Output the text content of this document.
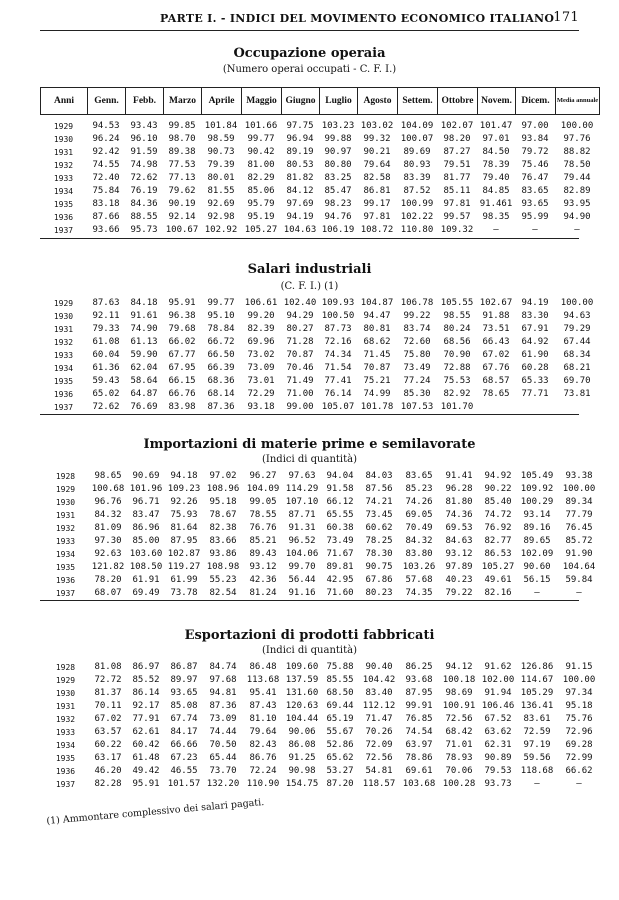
PARTE I. - INDICI DEL MOVIMENTO ECONOMICO ITALIANO 171
Occupazione operaia
(Numero operai occupati - C. F. I.)
Anni	Genn.	Febb.	Marzo	Aprile	Maggio	Giugno	Luglio	Agosto	Settem.	Ottobre	Novem.	Dicem.	Media annuale
1929	94.53	93.43	99.85	101.84	101.66	97.75	103.23	103.02	104.09	102.07	101.47	97.00	100.00
1930	96.24	96.10	98.70	98.59	99.77	96.94	99.88	99.32	100.07	98.20	97.01	93.84	97.76
1931	92.42	91.59	89.38	90.73	90.42	89.19	90.97	90.21	89.69	87.27	84.50	79.72	88.82
1932	74.55	74.98	77.53	79.39	81.00	80.53	80.80	79.64	80.93	79.51	78.39	75.46	78.50
1933	72.40	72.62	77.13	80.01	82.29	81.82	83.25	82.58	83.39	81.77	79.40	76.47	79.44
1934	75.84	76.19	79.62	81.55	85.06	84.12	85.47	86.81	87.52	85.11	84.85	83.65	82.89
1935	83.18	84.36	90.19	92.69	95.79	97.69	98.23	99.17	100.99	97.81	91.461	93.65	93.95
1936	87.66	88.55	92.14	92.98	95.19	94.19	94.76	97.81	102.22	99.57	98.35	95.99	94.90
1937	93.66	95.73	100.67	102.92	105.27	104.63	106.19	108.72	110.80	109.32	—	—	—
Salari industriali
(C. F. I.) (1)
1929	87.63	84.18	95.91	99.77	106.61	102.40	109.93	104.87	106.78	105.55	102.67	94.19	100.00
1930	92.11	91.61	96.38	95.10	99.20	94.29	100.50	94.47	99.22	98.55	91.88	83.30	94.63
1931	79.33	74.90	79.68	78.84	82.39	80.27	87.73	80.81	83.74	80.24	73.51	67.91	79.29
1932	61.08	61.13	66.02	66.72	69.96	71.28	72.16	68.62	72.60	68.56	66.43	64.92	67.44
1933	60.04	59.90	67.77	66.50	73.02	70.87	74.34	71.45	75.80	70.90	67.02	61.90	68.34
1934	61.36	62.04	67.95	66.39	73.09	70.46	71.54	70.87	73.49	72.88	67.76	60.28	68.21
1935	59.43	58.64	66.15	68.36	73.01	71.49	77.41	75.21	77.24	75.53	68.57	65.33	69.70
1936	65.02	64.87	66.76	68.14	72.29	71.00	76.14	74.99	85.30	82.92	78.65	77.71	73.81
1937	72.62	76.69	83.98	87.36	93.18	99.00	105.07	101.78	107.53	101.70			
Importazioni di materie prime e semilavorate
(Indici di quantità)
1928	98.65	90.69	94.18	97.02	96.27	97.63	94.04	84.03	83.65	91.41	94.92	105.49	93.38
1929	100.68	101.96	109.23	108.96	104.09	114.29	91.58	87.56	85.23	96.28	90.22	109.92	100.00
1930	96.76	96.71	92.26	95.18	99.05	107.10	66.12	74.21	74.26	81.80	85.40	100.29	89.34
1931	84.32	83.47	75.93	78.67	78.55	87.71	65.55	73.45	69.05	74.36	74.72	93.14	77.79
1932	81.09	86.96	81.64	82.38	76.76	91.31	60.38	60.62	70.49	69.53	76.92	89.16	76.45
1933	97.30	85.00	87.95	83.66	85.21	96.52	73.49	78.25	84.32	84.63	82.77	89.65	85.72
1934	92.63	103.60	102.87	93.86	89.43	104.06	71.67	78.30	83.80	93.12	86.53	102.09	91.90
1935	121.82	108.50	119.27	108.98	93.12	99.70	89.81	90.75	103.26	97.89	105.27	90.60	104.64
1936	78.20	61.91	61.99	55.23	42.36	56.44	42.95	67.86	57.68	40.23	49.61	56.15	59.84
1937	68.07	69.49	73.78	82.54	81.24	91.16	71.60	80.23	74.35	79.22	82.16	—	—
Esportazioni di prodotti fabbricati
(Indici di quantità)
1928	81.08	86.97	86.87	84.74	86.48	109.60	75.88	90.40	86.25	94.12	91.62	126.86	91.15
1929	72.72	85.52	89.97	97.68	113.68	137.59	85.55	104.42	93.68	100.18	102.00	114.67	100.00
1930	81.37	86.14	93.65	94.81	95.41	131.60	68.50	83.40	87.95	98.69	91.94	105.29	97.34
1931	70.11	92.17	85.08	87.36	87.43	120.63	69.44	112.12	99.91	100.91	106.46	136.41	95.18
1932	67.02	77.91	67.74	73.09	81.10	104.44	65.19	71.47	76.85	72.56	67.52	83.61	75.76
1933	63.57	62.61	84.17	74.44	79.64	90.06	55.67	70.26	74.54	68.42	63.62	72.59	72.96
1934	60.22	60.42	66.66	70.50	82.43	86.08	52.86	72.09	63.97	71.01	62.31	97.19	69.28
1935	63.17	61.48	67.23	65.44	86.76	91.25	65.62	72.56	78.86	78.93	90.89	59.56	72.99
1936	46.20	49.42	46.55	73.70	72.24	90.98	53.27	54.81	69.61	70.06	79.53	118.68	66.62
1937	82.28	95.91	101.57	132.20	110.90	154.75	87.20	118.57	103.68	100.28	93.73	—	—
(1) Ammontare complessivo dei salari pagati.
